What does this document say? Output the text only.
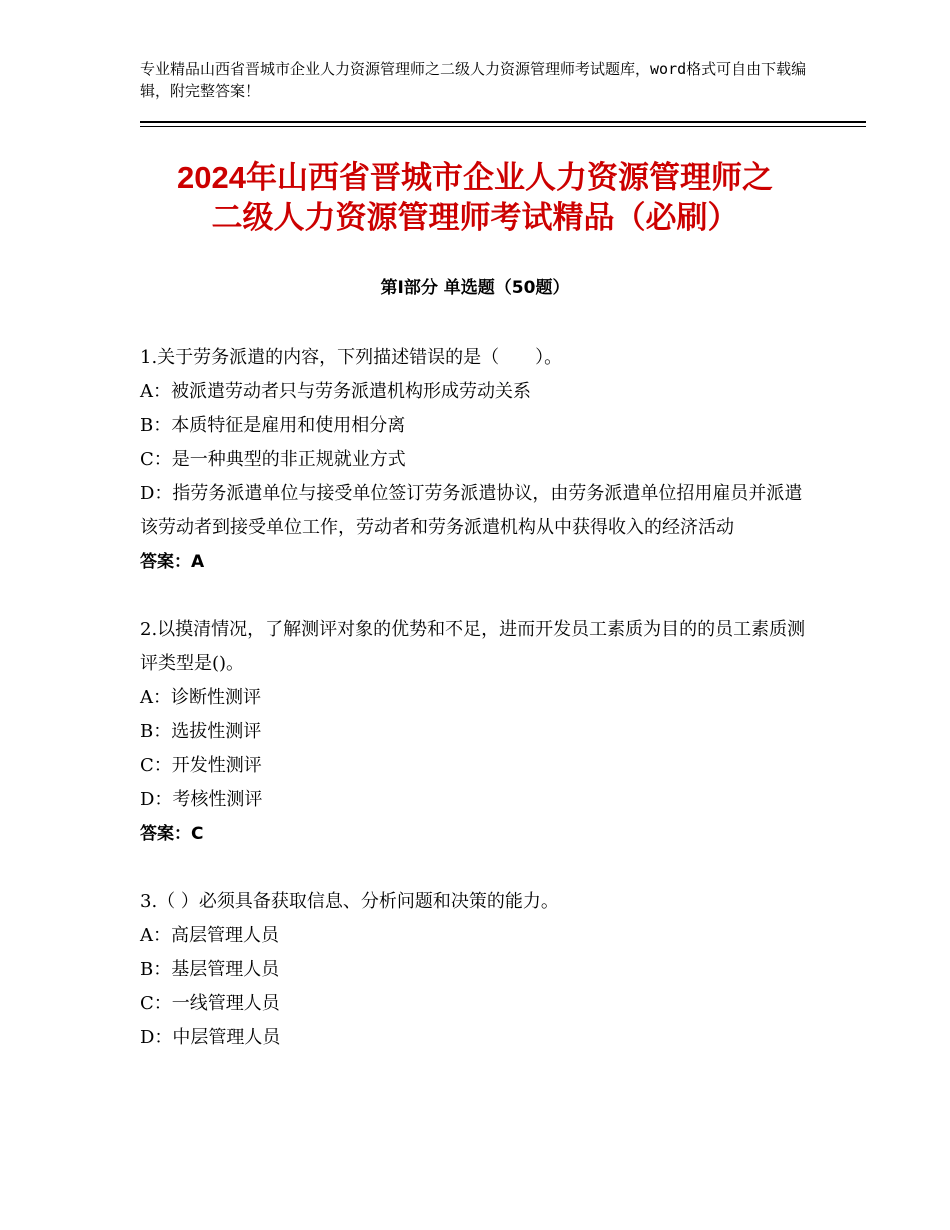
专业精品山西省晋城市企业人力资源管理师之二级人力资源管理师考试题库，word格式可自由下载编辑，附完整答案！
2024年山西省晋城市企业人力资源管理师之
二级人力资源管理师考试精品（必刷）
第Ⅰ部分 单选题（50题）

1.关于劳务派遣的内容，下列描述错误的是（　　）。

A：被派遣劳动者只与劳务派遣机构形成劳动关系

B：本质特征是雇用和使用相分离

C：是一种典型的非正规就业方式

D：指劳务派遣单位与接受单位签订劳务派遣协议，由劳务派遣单位招用雇员并派遣该劳动者到接受单位工作，劳动者和劳务派遣机构从中获得收入的经济活动

答案：A

2.以摸清情况，了解测评对象的优势和不足，进而开发员工素质为目的的员工素质测评类型是()。

A：诊断性测评

B：选拔性测评

C：开发性测评

D：考核性测评

答案：C

3.（ ）必须具备获取信息、分析问题和决策的能力。

A：高层管理人员

B：基层管理人员

C：一线管理人员

D：中层管理人员
